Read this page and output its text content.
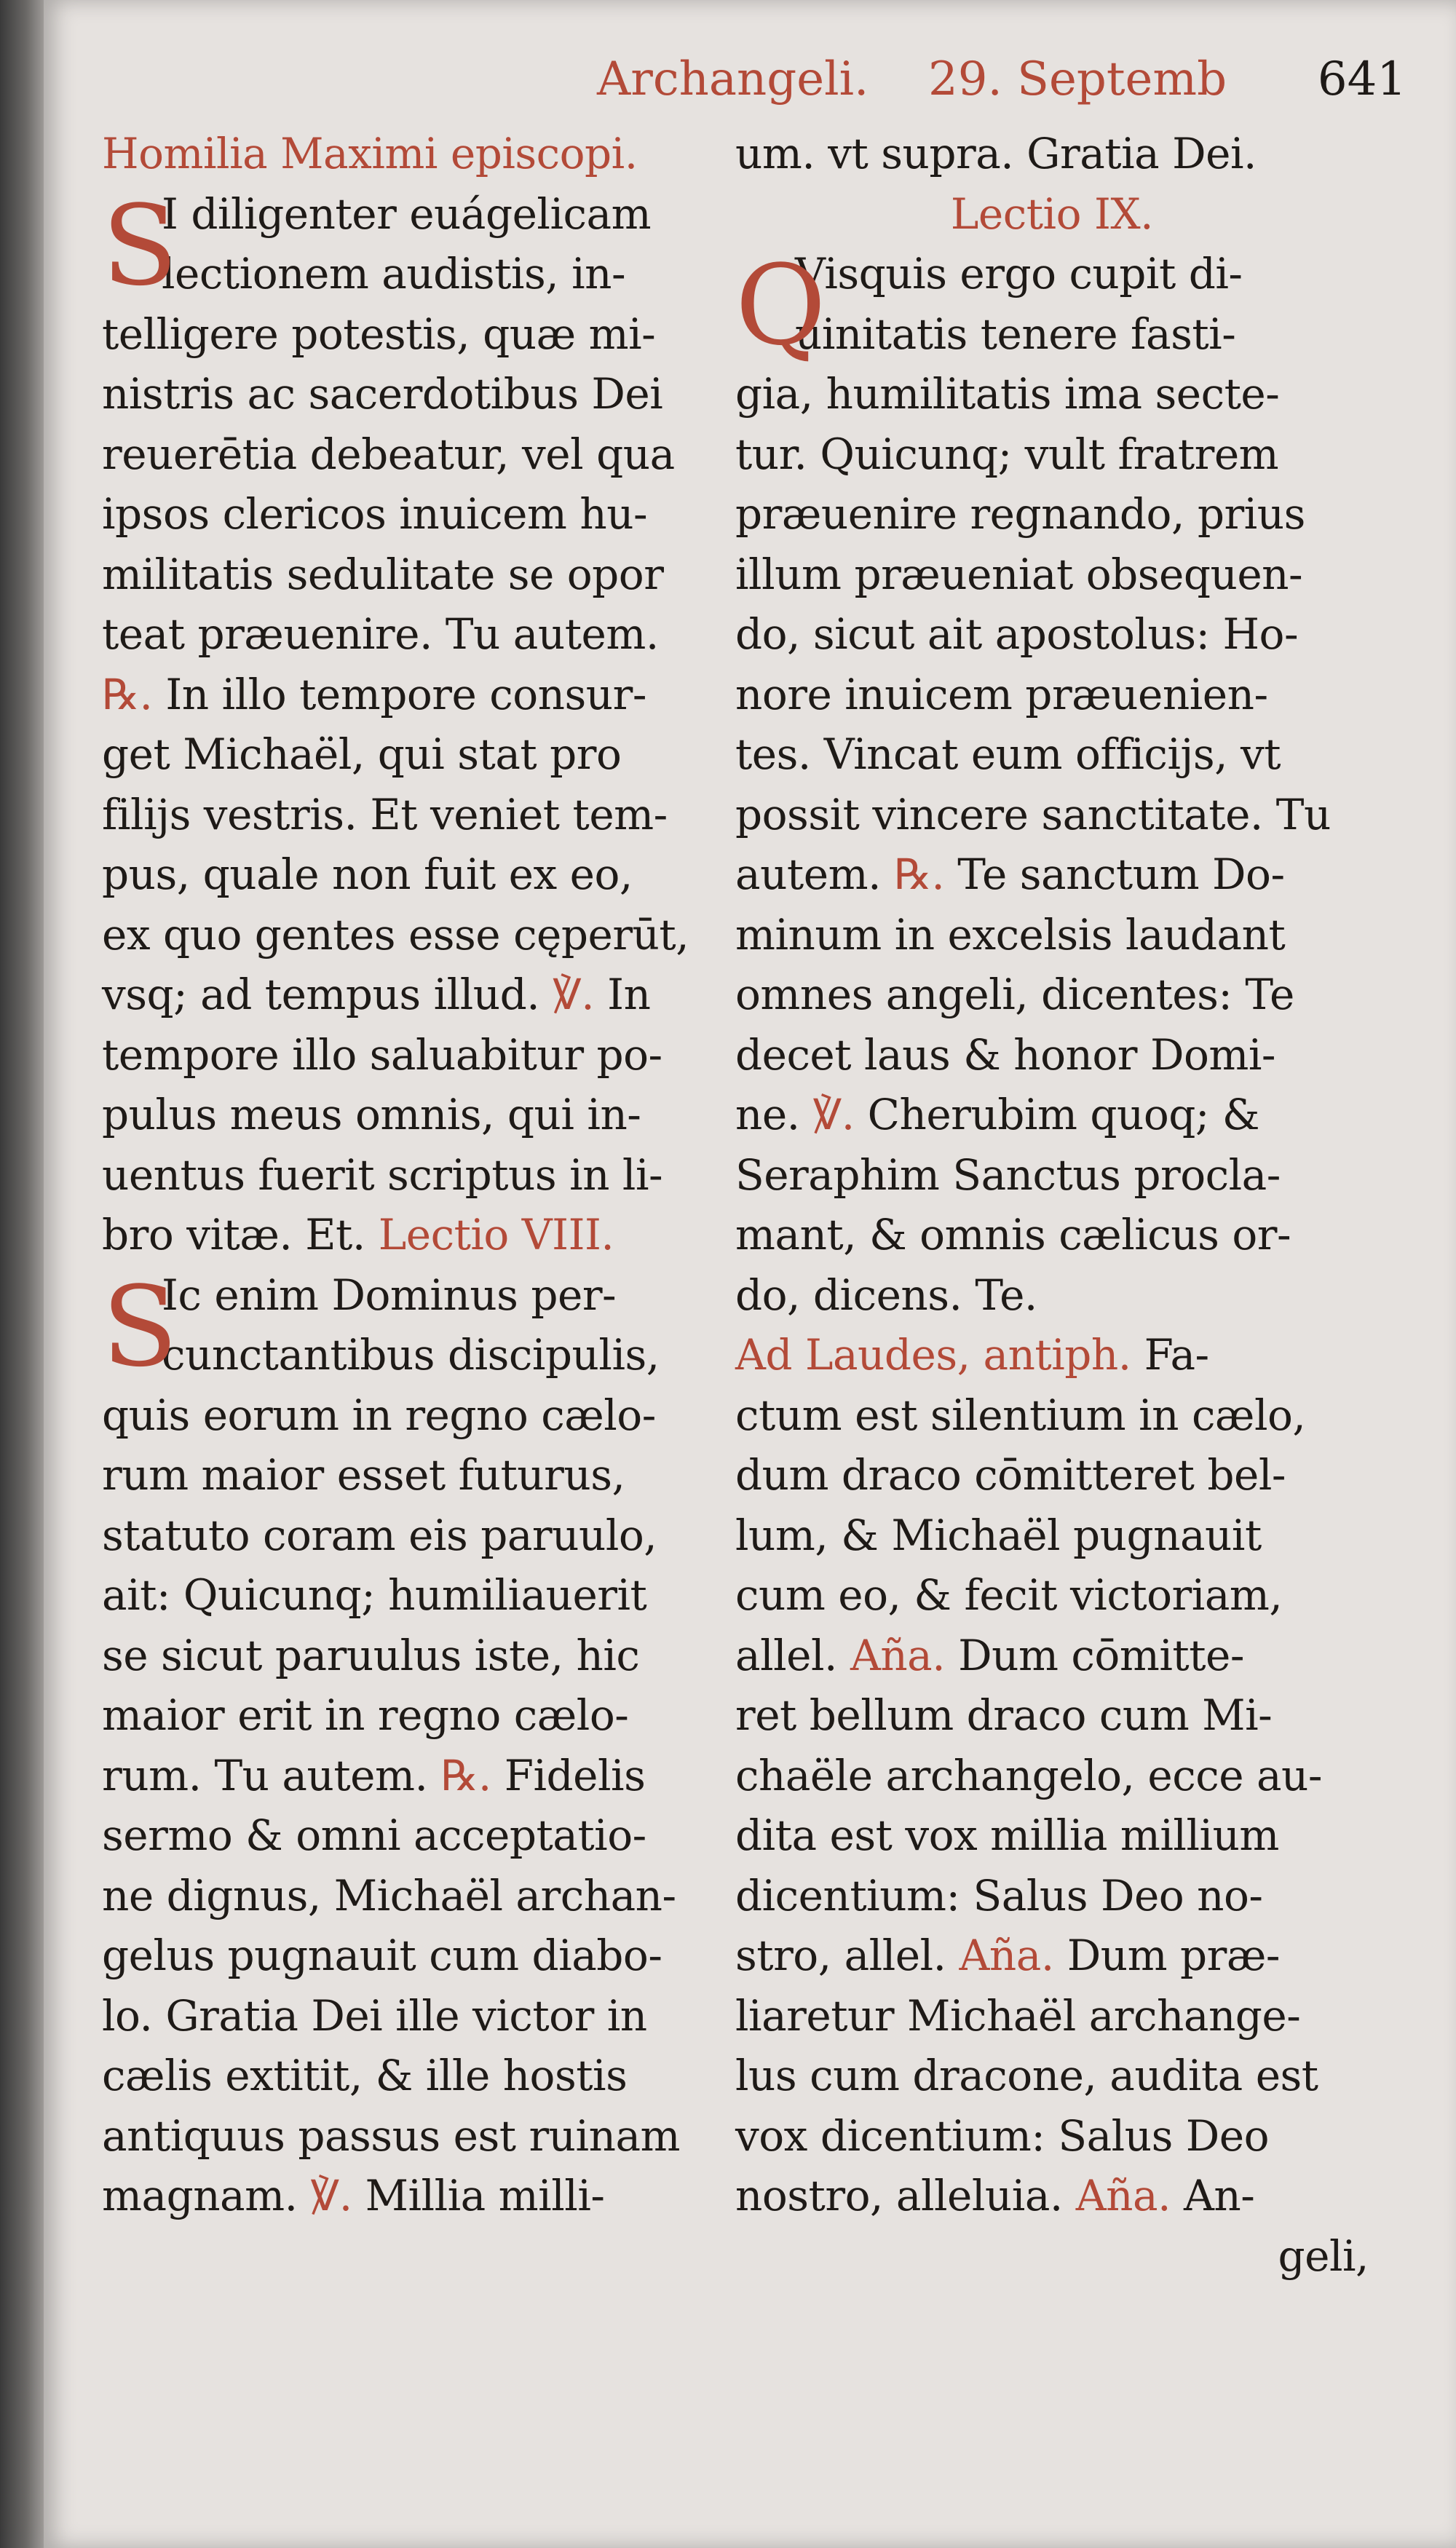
Archangeli. 29. Septemb 641
Homilia Maximi episcopi.
S
I diligenter euágelicam
lectionem audistis, in-
telligere potestis, quæ mi-
nistris ac sacerdotibus Dei
reuerētia debeatur, vel qua
ipsos clericos inuicem hu-
militatis sedulitate se opor
teat præuenire. Tu autem.
℞. In illo tempore consur-
get Michaël, qui stat pro
filijs vestris. Et veniet tem-
pus, quale non fuit ex eo,
ex quo gentes esse cęperūt,
vsq; ad tempus illud. ℣. In
tempore illo saluabitur po-
pulus meus omnis, qui in-
uentus fuerit scriptus in li-
bro vitæ. Et. Lectio VIII.
S
Ic enim Dominus per-
cunctantibus discipulis,
quis eorum in regno cælo-
rum maior esset futurus,
statuto coram eis paruulo,
ait: Quicunq; humiliauerit
se sicut paruulus iste, hic
maior erit in regno cælo-
rum. Tu autem. ℞. Fidelis
sermo & omni acceptatio-
ne dignus, Michaël archan-
gelus pugnauit cum diabo-
lo. Gratia Dei ille victor in
cælis extitit, & ille hostis
antiquus passus est ruinam
magnam. ℣. Millia milli-
um. vt supra. Gratia Dei.
Lectio IX.
Q
Visquis ergo cupit di-
uinitatis tenere fasti-
gia, humilitatis ima secte-
tur. Quicunq; vult fratrem
præuenire regnando, prius
illum præueniat obsequen-
do, sicut ait apostolus: Ho-
nore inuicem præuenien-
tes. Vincat eum officijs, vt
possit vincere sanctitate. Tu
autem. ℞. Te sanctum Do-
minum in excelsis laudant
omnes angeli, dicentes: Te
decet laus & honor Domi-
ne. ℣. Cherubim quoq; &
Seraphim Sanctus procla-
mant, & omnis cælicus or-
do, dicens. Te.
Ad Laudes, antiph. Fa-
ctum est silentium in cælo,
dum draco cōmitteret bel-
lum, & Michaël pugnauit
cum eo, & fecit victoriam,
allel. Aña. Dum cōmitte-
ret bellum draco cum Mi-
chaële archangelo, ecce au-
dita est vox millia millium
dicentium: Salus Deo no-
stro, allel. Aña. Dum præ-
liaretur Michaël archange-
lus cum dracone, audita est
vox dicentium: Salus Deo
nostro, alleluia. Aña. An-
geli,
